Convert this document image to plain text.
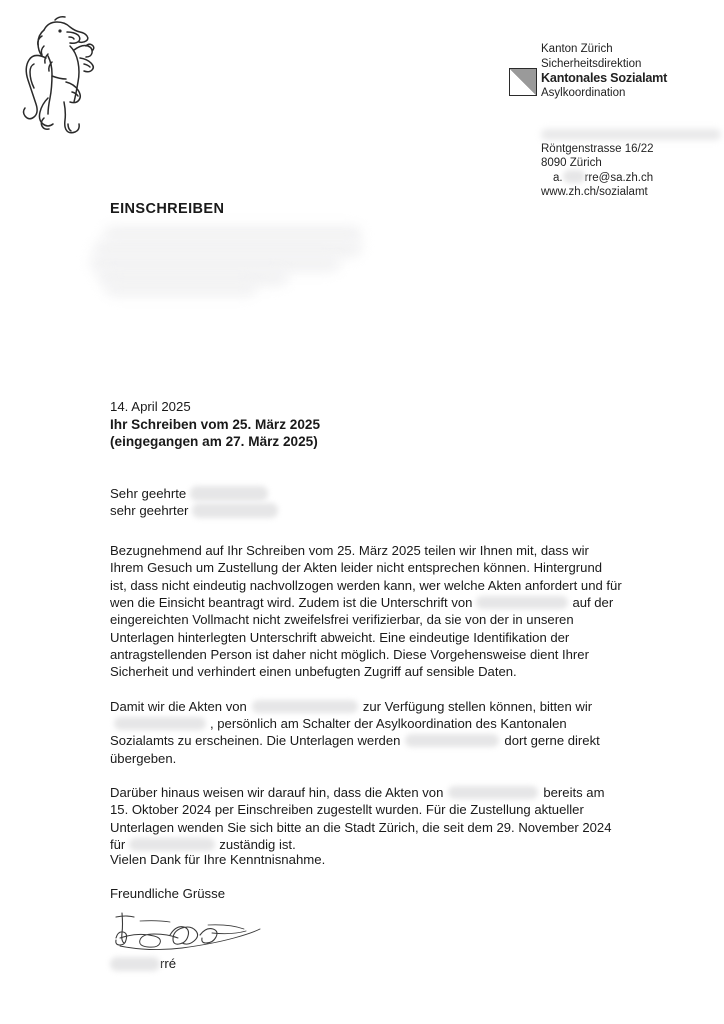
Kanton Zürich
Sicherheitsdirektion
Kantonales Sozialamt
Asylkoordination
Röntgenstrasse 16/22
8090 Zürich
a. rre@sa.zh.ch
www.zh.ch/sozialamt
EINSCHREIBEN
14. April 2025
Ihr Schreiben vom 25. März 2025
(eingegangen am 27. März 2025)
Sehr geehrte
sehr geehrter

Bezugnehmend auf Ihr Schreiben vom 25. März 2025 teilen wir Ihnen mit, dass wir Ihrem Gesuch um Zustellung der Akten leider nicht entsprechen können. Hintergrund ist, dass nicht eindeutig nachvollzogen werden kann, wer welche Akten anfordert und für wen die Einsicht beantragt wird. Zudem ist die Unterschrift von	auf der eingereichten Vollmacht nicht zweifelsfrei verifizierbar, da sie von der in unseren Unterlagen hinterlegten Unterschrift abweicht. Eine eindeutige Identifikation der antragstellenden Person ist daher nicht möglich. Diese Vorgehensweise dient Ihrer Sicherheit und verhindert einen unbefugten Zugriff auf sensible Daten.

Damit wir die Akten von	zur Verfügung stellen können, bitten wir, persönlich am Schalter der Asylkoordination des Kantonalen Sozialamts zu erscheinen. Die Unterlagen werden	dort gerne direkt übergeben.

Darüber hinaus weisen wir darauf hin, dass die Akten von	bereits am 15. Oktober 2024 per Einschreiben zugestellt wurden. Für die Zustellung aktueller Unterlagen wenden Sie sich bitte an die Stadt Zürich, die seit dem 29. November 2024 für	zuständig ist.

Vielen Dank für Ihre Kenntnisnahme.
Freundliche Grüsse
rré
